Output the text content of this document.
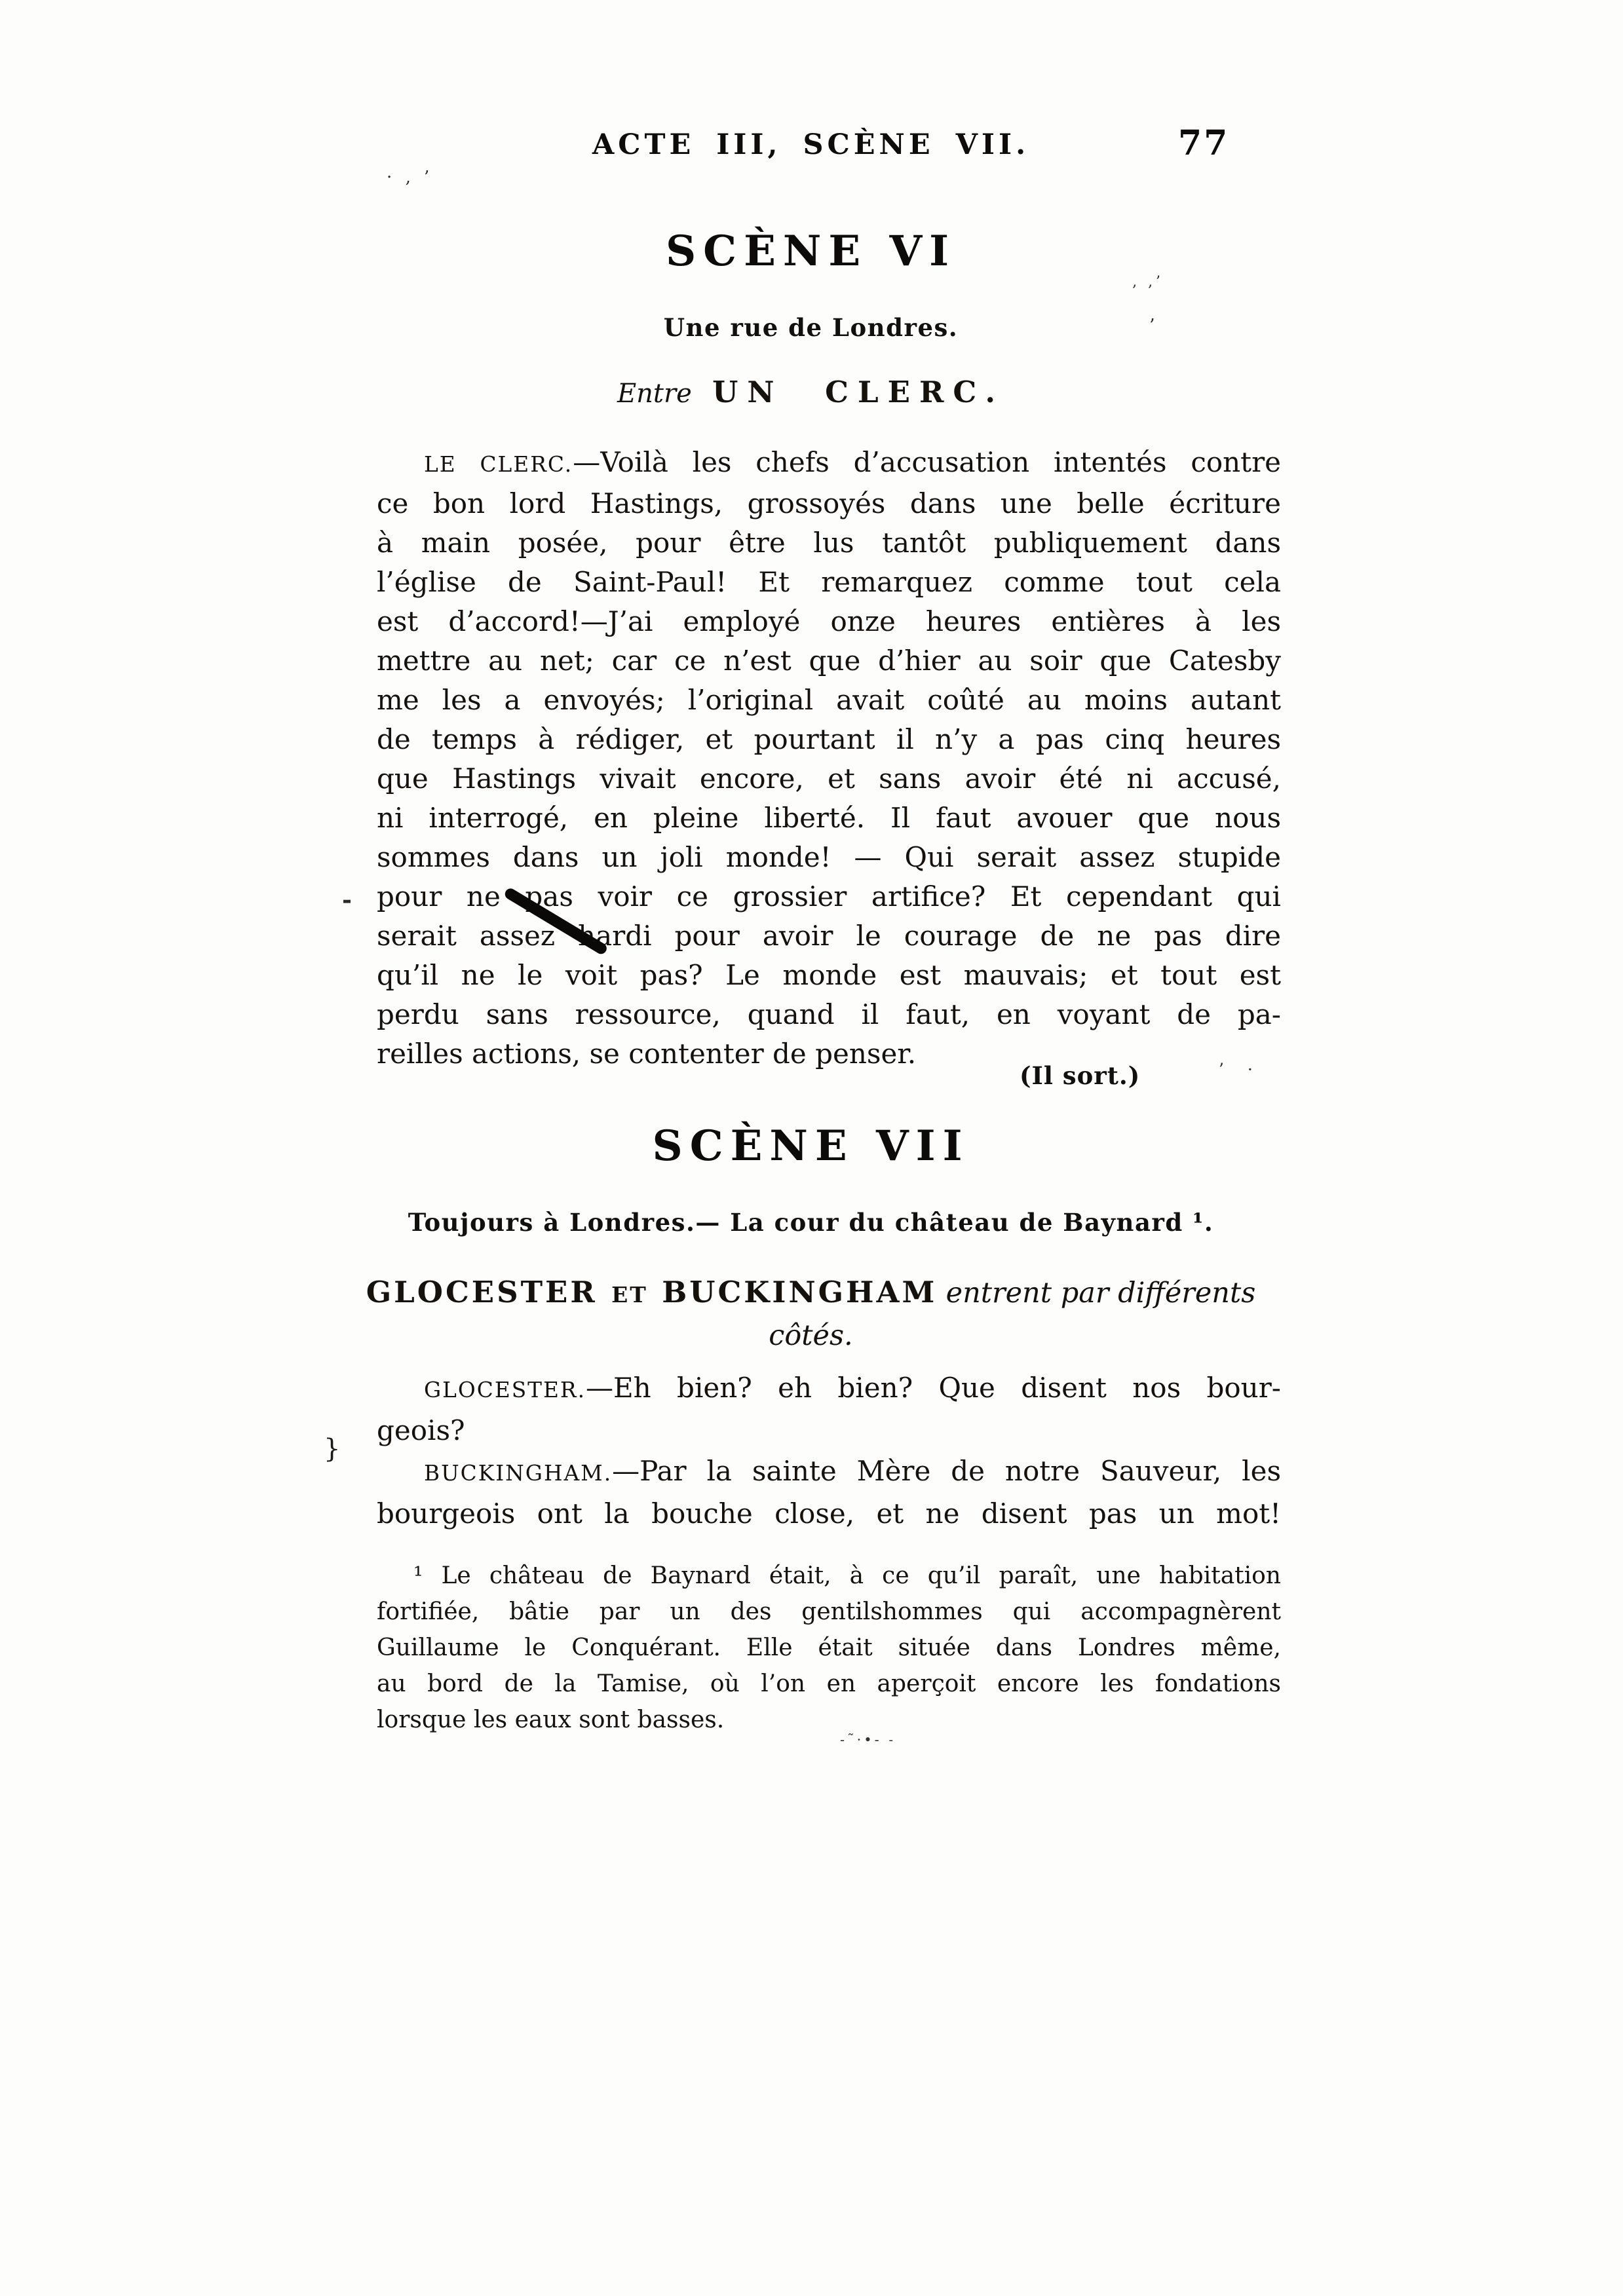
ACTE III, SCÈNE VII.	77
SCÈNE VI
Une rue de Londres.
Entre UN CLERC.
LE CLERC.—Voilà les chefs d’accusation intentés contre
ce bon lord Hastings, grossoyés dans une belle écriture
à main posée, pour être lus tantôt publiquement dans
l’église de Saint-Paul! Et remarquez comme tout cela
est d’accord!—J’ai employé onze heures entières à les
mettre au net; car ce n’est que d’hier au soir que Catesby
me les a envoyés; l’original avait coûté au moins autant
de temps à rédiger, et pourtant il n’y a pas cinq heures
que Hastings vivait encore, et sans avoir été ni accusé,
ni interrogé, en pleine liberté. Il faut avouer que nous
sommes dans un joli monde! — Qui serait assez stupide
pour ne pas voir ce grossier artifice? Et cependant qui
serait assez hardi pour avoir le courage de ne pas dire
qu’il ne le voit pas? Le monde est mauvais; et tout est
perdu sans ressource, quand il faut, en voyant de pa-
reilles actions, se contenter de penser.
(Il sort.)
SCÈNE VII
Toujours à Londres.— La cour du château de Baynard ¹.
GLOCESTER ET BUCKINGHAM entrent par différents
côtés.
GLOCESTER.—Eh bien? eh bien? Que disent nos bour-
geois?
BUCKINGHAM.—Par la sainte Mère de notre Sauveur, les
bourgeois ont la bouche close, et ne disent pas un mot!
¹ Le château de Baynard était, à ce qu’il paraît, une habitation
fortifiée, bâtie par un des gentilshommes qui accompagnèrent
Guillaume le Conquérant. Elle était située dans Londres même,
au bord de la Tamise, où l’on en aperçoit encore les fondations
lorsque les eaux sont basses.
· ‚ ’
‚ ‚’
’
-
}
’ ·
-˜·•‑ ˗
